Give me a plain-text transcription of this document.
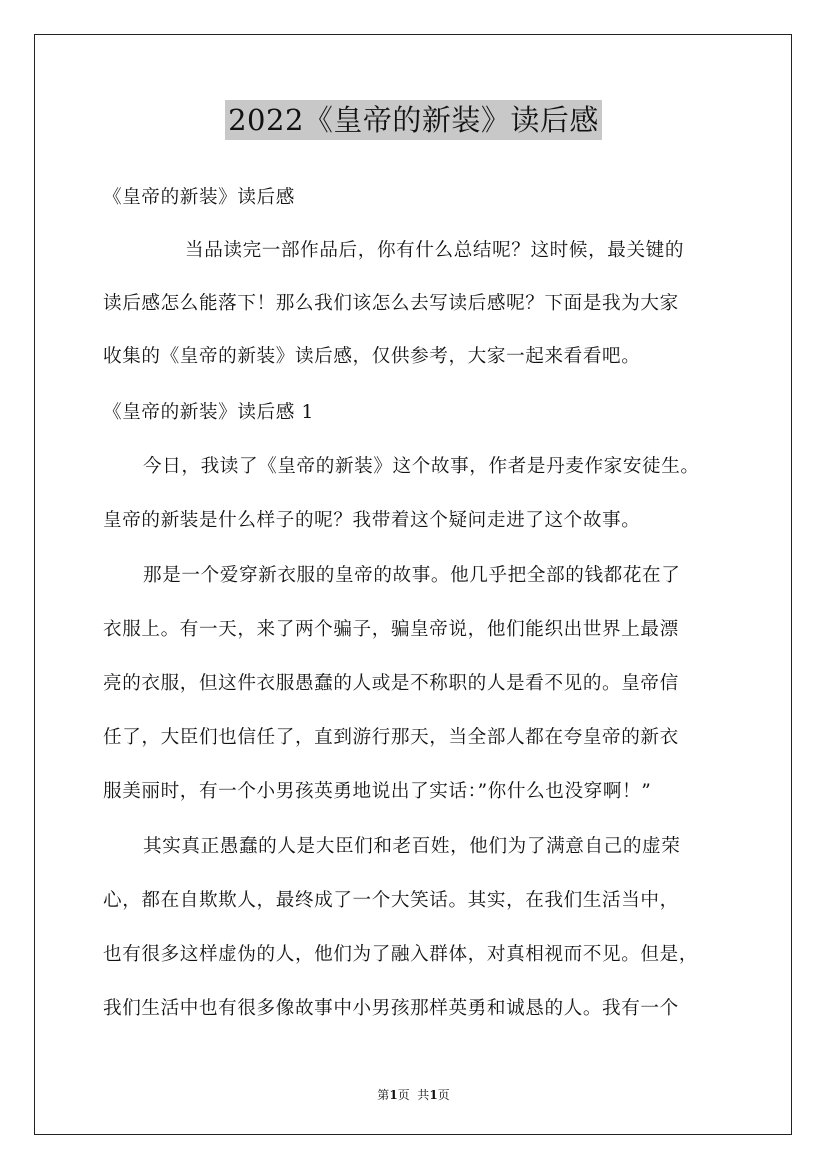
2022《皇帝的新装》读后感
《皇帝的新装》读后感
当品读完一部作品后，你有什么总结呢？这时候，最关键的
读后感怎么能落下！那么我们该怎么去写读后感呢？下面是我为大家
收集的《皇帝的新装》读后感，仅供参考，大家一起来看看吧。
《皇帝的新装》读后感 1
今日，我读了《皇帝的新装》这个故事，作者是丹麦作家安徒生。
皇帝的新装是什么样子的呢？我带着这个疑问走进了这个故事。
那是一个爱穿新衣服的皇帝的故事。他几乎把全部的钱都花在了
衣服上。有一天，来了两个骗子，骗皇帝说，他们能织出世界上最漂
亮的衣服，但这件衣服愚蠢的人或是不称职的人是看不见的。皇帝信
任了，大臣们也信任了，直到游行那天，当全部人都在夸皇帝的新衣
服美丽时，有一个小男孩英勇地说出了实话：”你什么也没穿啊！”
其实真正愚蠢的人是大臣们和老百姓，他们为了满意自己的虚荣
心，都在自欺欺人，最终成了一个大笑话。其实，在我们生活当中，
也有很多这样虚伪的人，他们为了融入群体，对真相视而不见。但是，
我们生活中也有很多像故事中小男孩那样英勇和诚恳的人。我有一个
第1页  共1页
